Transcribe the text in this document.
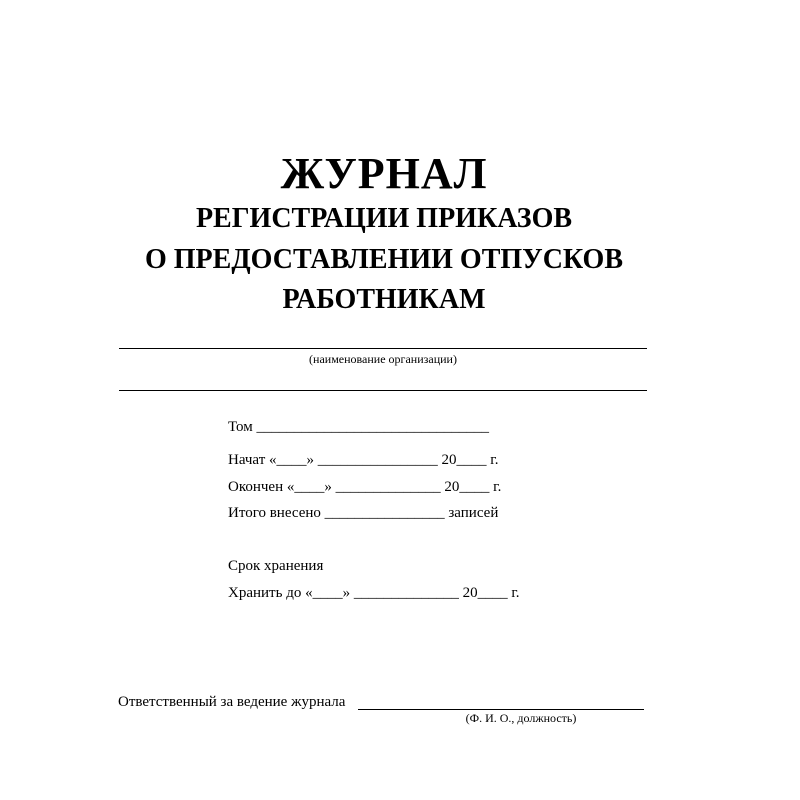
ЖУРНАЛ
РЕГИСТРАЦИИ ПРИКАЗОВ
О ПРЕДОСТАВЛЕНИИ ОТПУСКОВ
РАБОТНИКАМ
(наименование организации)
Том _______________________________
Начат «____» ________________ 20____ г.
Окончен «____» ______________ 20____ г.
Итого внесено ________________ записей
Срок хранения
Хранить до «____» ______________ 20____ г.
Ответственный за ведение журнала
(Ф. И. О., должность)
